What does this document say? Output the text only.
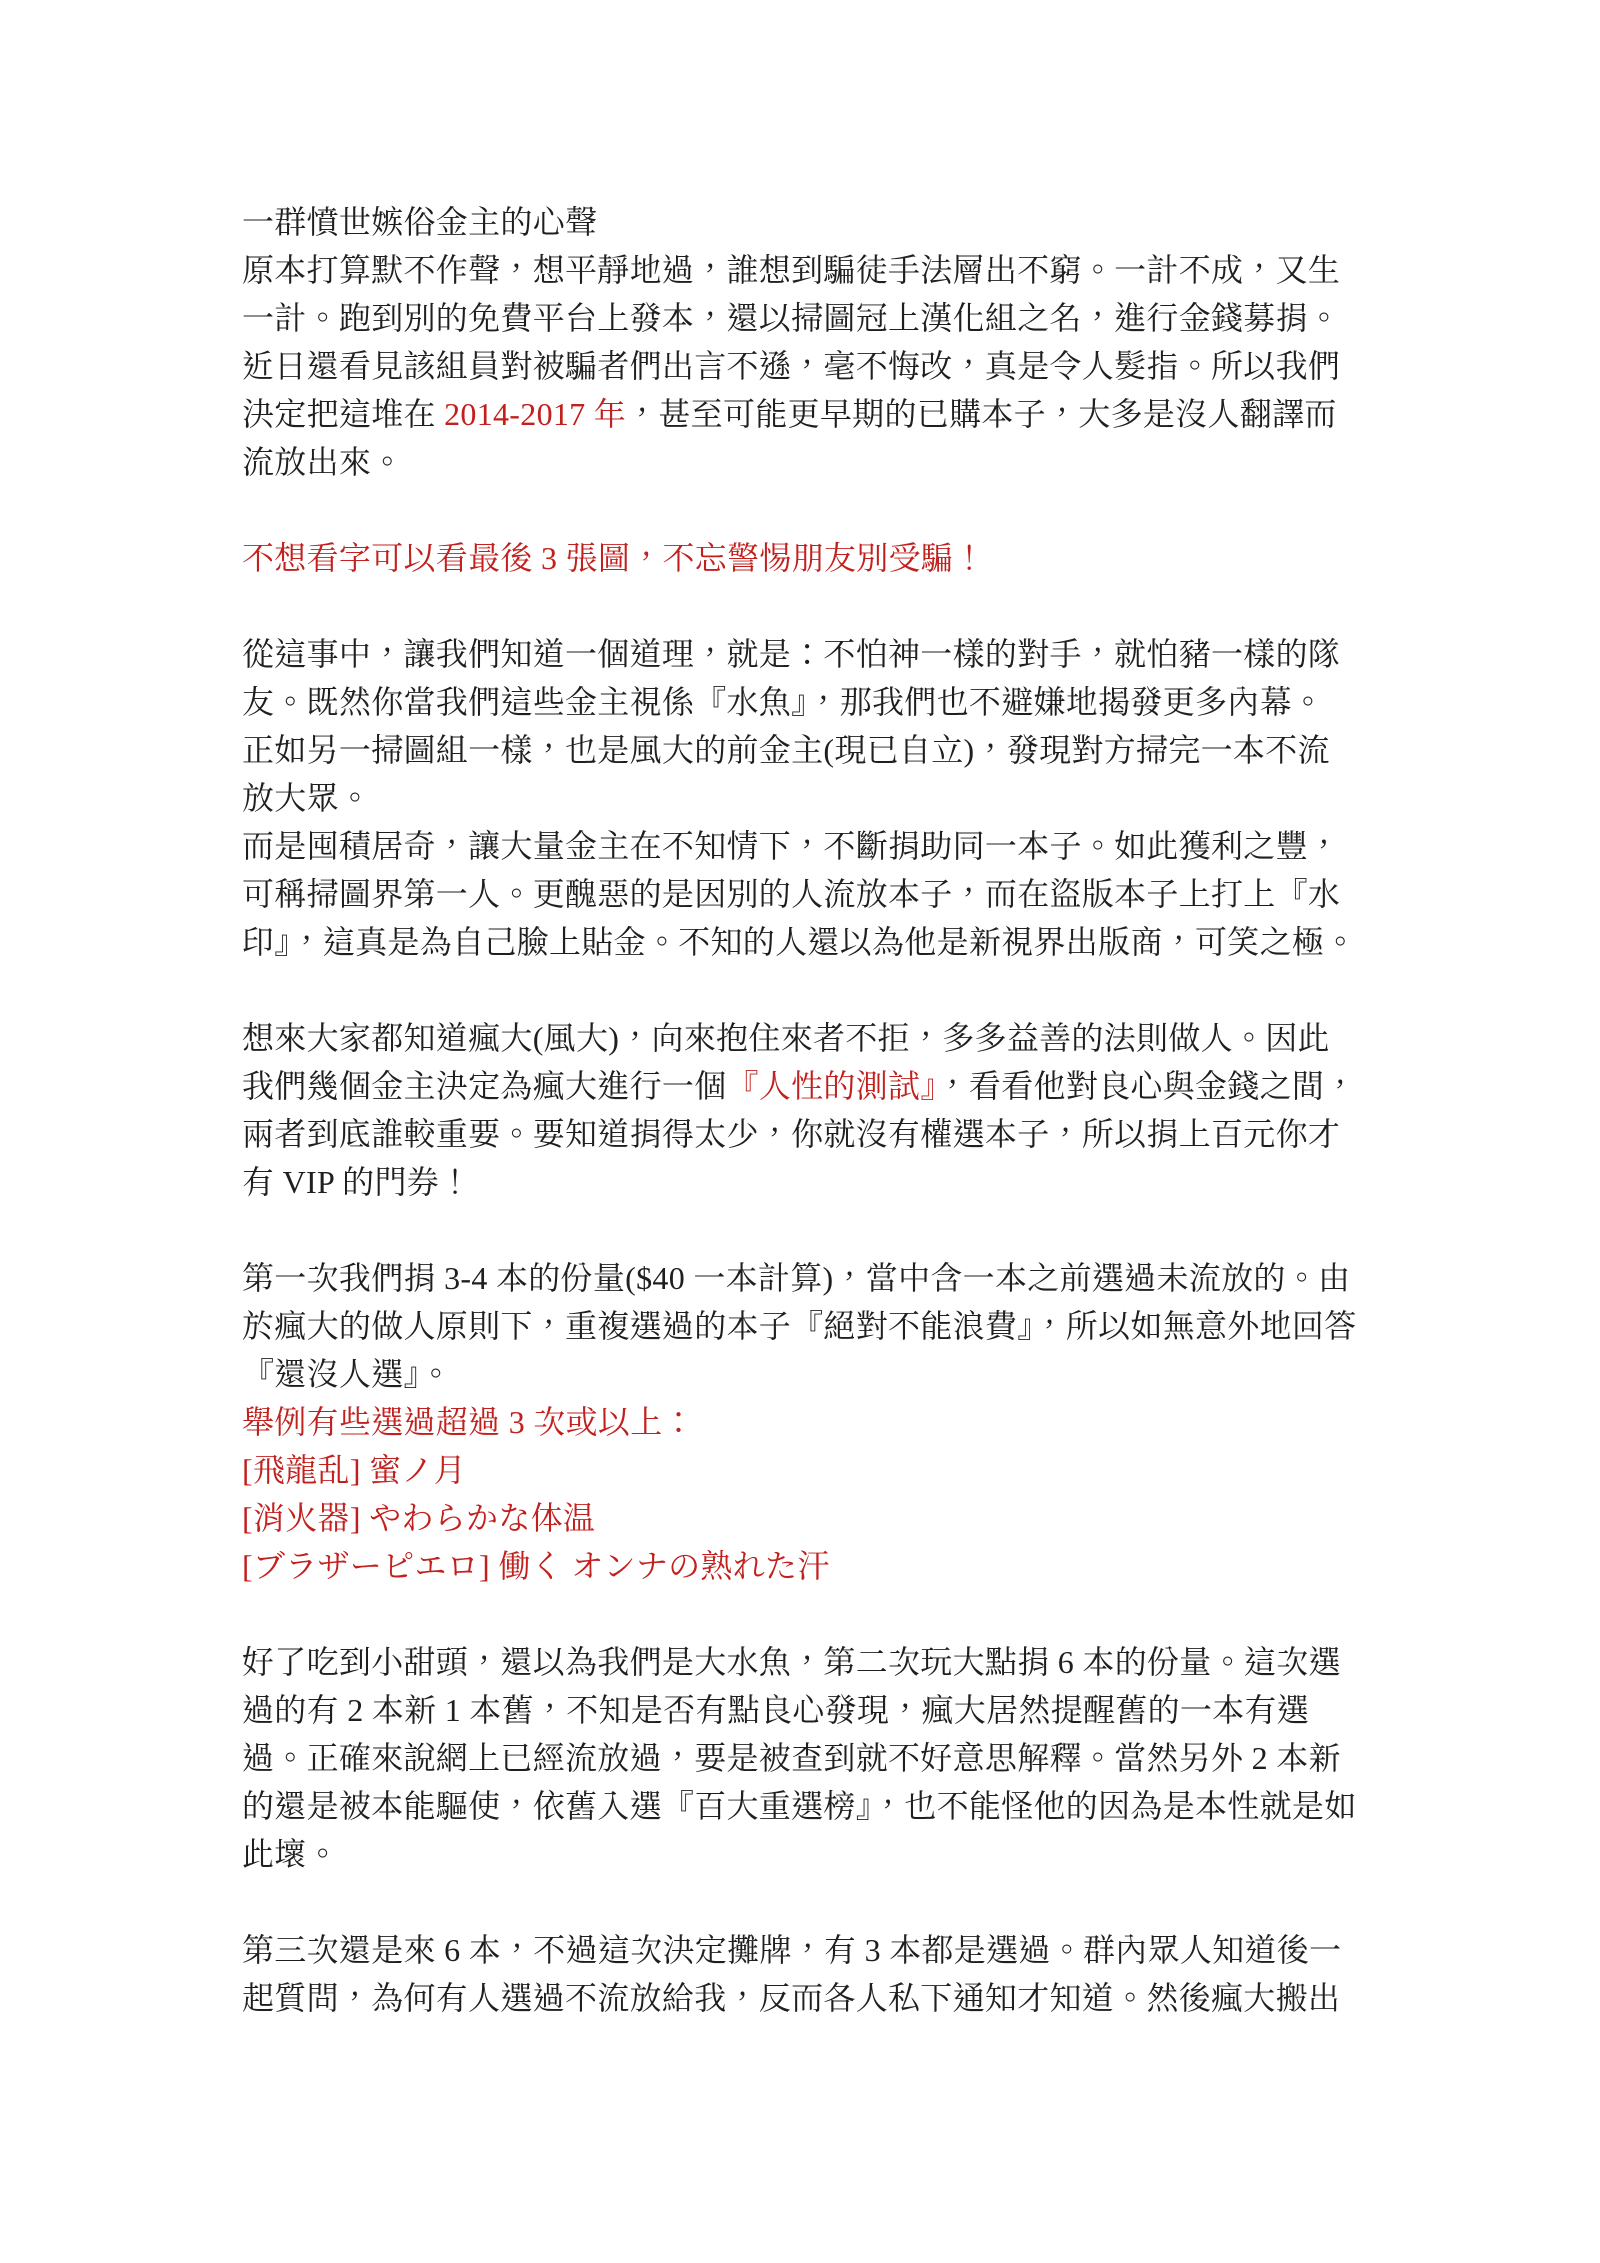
一群憤世嫉俗金主的心聲
原本打算默不作聲，想平靜地過，誰想到騙徒手法層出不窮。一計不成，又生
一計。跑到別的免費平台上發本，還以掃圖冠上漢化組之名，進行金錢募捐。
近日還看見該組員對被騙者們出言不遜，毫不悔改，真是令人髮指。所以我們
決定把這堆在 2014-2017 年，甚至可能更早期的已購本子，大多是沒人翻譯而
流放出來。
不想看字可以看最後 3 張圖，不忘警惕朋友別受騙！
從這事中，讓我們知道一個道理，就是：不怕神一樣的對手，就怕豬一樣的隊
友。既然你當我們這些金主視係『水魚』，那我們也不避嫌地揭發更多內幕。
正如另一掃圖組一樣，也是風大的前金主(現已自立)，發現對方掃完一本不流
放大眾。
而是囤積居奇，讓大量金主在不知情下，不斷捐助同一本子。如此獲利之豐，
可稱掃圖界第一人。更醜惡的是因別的人流放本子，而在盜版本子上打上『水
印』，這真是為自己臉上貼金。不知的人還以為他是新視界出版商，可笑之極。
想來大家都知道瘋大(風大)，向來抱住來者不拒，多多益善的法則做人。因此
我們幾個金主決定為瘋大進行一個『人性的測試』，看看他對良心與金錢之間，
兩者到底誰較重要。要知道捐得太少，你就沒有權選本子，所以捐上百元你才
有 VIP 的門券！
第一次我們捐 3-4 本的份量($40 一本計算)，當中含一本之前選過未流放的。由
於瘋大的做人原則下，重複選過的本子『絕對不能浪費』，所以如無意外地回答
『還沒人選』。
舉例有些選過超過 3 次或以上：
[飛龍乱] 蜜ノ月
[消火器] やわらかな体温
[ブラザーピエロ] 働く オンナの熟れた汗
好了吃到小甜頭，還以為我們是大水魚，第二次玩大點捐 6 本的份量。這次選
過的有 2 本新 1 本舊，不知是否有點良心發現，瘋大居然提醒舊的一本有選
過。正確來說網上已經流放過，要是被查到就不好意思解釋。當然另外 2 本新
的還是被本能驅使，依舊入選『百大重選榜』，也不能怪他的因為是本性就是如
此壞。
第三次還是來 6 本，不過這次決定攤牌，有 3 本都是選過。群內眾人知道後一
起質問，為何有人選過不流放給我，反而各人私下通知才知道。然後瘋大搬出
